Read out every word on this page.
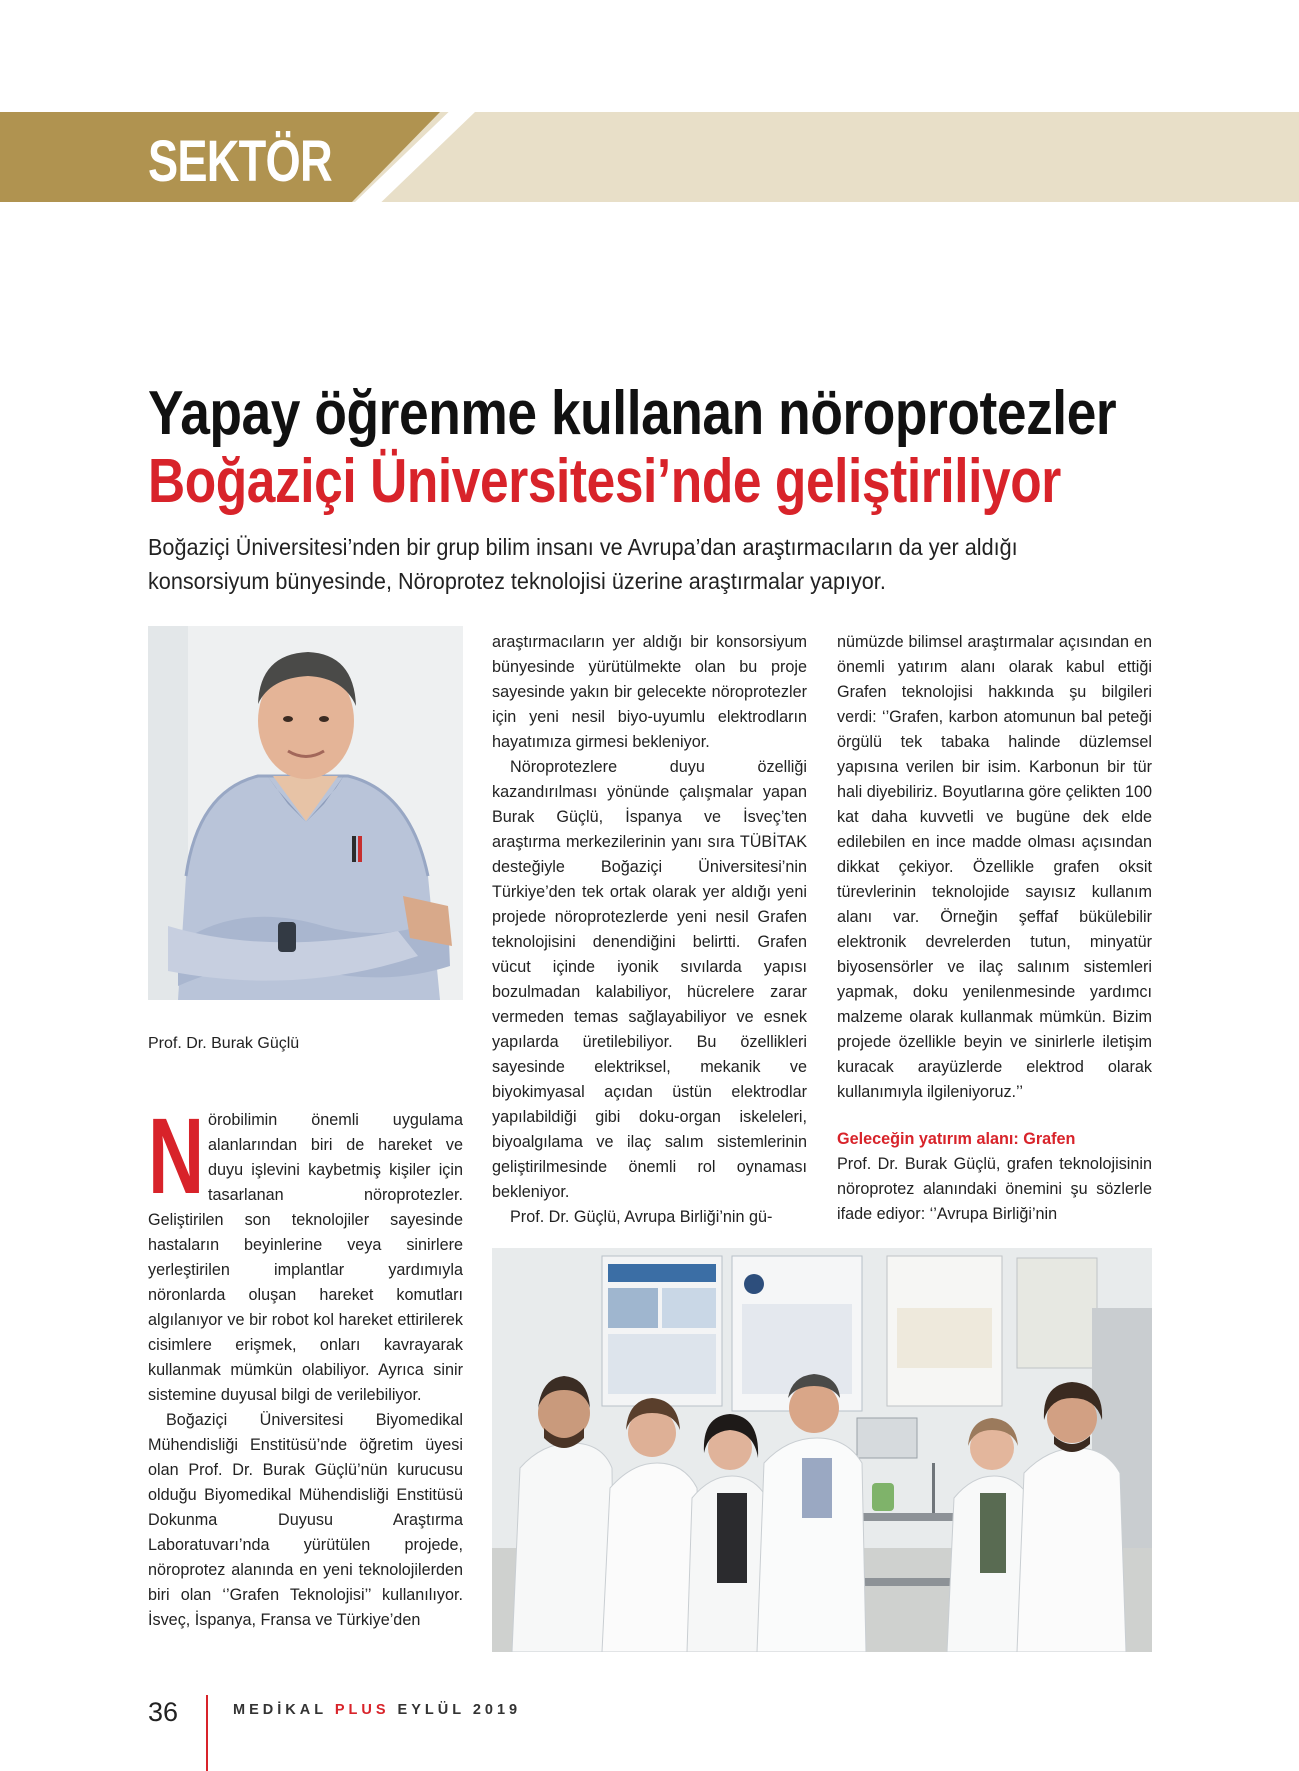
SEKTÖR
Yapay öğrenme kullanan nöroprotezler
Boğaziçi Üniversitesi’nde geliştiriliyor

Boğaziçi Üniversitesi’nden bir grup bilim insanı ve Avrupa’dan araştırmacıların da yer aldığı konsorsiyum bünyesinde, Nöroprotez teknolojisi üzerine araştırmalar yapıyor.

Prof. Dr. Burak Güçlü

Nörobilimin önemli uygulama alanlarından biri de hareket ve duyu işlevini kaybetmiş kişiler için tasarlanan nöroprotezler. Geliştirilen son teknolojiler sayesinde hastaların beyinlerine veya sinirlere yerleştirilen implantlar yardımıyla nöronlarda oluşan hareket komutları algılanıyor ve bir robot kol hareket ettirilerek cisimlere erişmek, onları kavrayarak kullanmak mümkün olabiliyor. Ayrıca sinir sistemine duyusal bilgi de verilebiliyor.

Boğaziçi Üniversitesi Biyomedikal Mühendisliği Enstitüsü’nde öğretim üyesi olan Prof. Dr. Burak Güçlü’nün kurucusu olduğu Biyomedikal Mühendisliği Enstitüsü Dokunma Duyusu Araştırma Laboratuvarı’nda yürütülen projede, nöroprotez alanında en yeni teknolojilerden biri olan ‘’Grafen Teknolojisi’’ kullanılıyor. İsveç, İspanya, Fransa ve Türkiye’den

araştırmacıların yer aldığı bir konsorsiyum bünyesinde yürütülmekte olan bu proje sayesinde yakın bir gelecekte nöroprotezler için yeni nesil biyo-uyumlu elektrodların hayatımıza girmesi bekleniyor.

Nöroprotezlere duyu özelliği kazandırılması yönünde çalışmalar yapan Burak Güçlü, İspanya ve İsveç’ten araştırma merkezilerinin yanı sıra TÜBİTAK desteğiyle Boğaziçi Üniversitesi’nin Türkiye’den tek ortak olarak yer aldığı yeni projede nöroprotezlerde yeni nesil Grafen teknolojisini denendiğini belirtti. Grafen vücut içinde iyonik sıvılarda yapısı bozulmadan kalabiliyor, hücrelere zarar vermeden temas sağlayabiliyor ve esnek yapılarda üretilebiliyor. Bu özellikleri sayesinde elektriksel, mekanik ve biyokimyasal açıdan üstün elektrodlar yapılabildiği gibi doku-organ iskeleleri, biyoalgılama ve ilaç salım sistemlerinin geliştirilmesinde önemli rol oynaması bekleniyor.

Prof. Dr. Güçlü, Avrupa Birliği’nin gü-

nümüzde bilimsel araştırmalar açısından en önemli yatırım alanı olarak kabul ettiği Grafen teknolojisi hakkında şu bilgileri verdi: ‘’Grafen, karbon atomunun bal peteği örgülü tek tabaka halinde düzlemsel yapısına verilen bir isim. Karbonun bir tür hali diyebiliriz. Boyutlarına göre çelikten 100 kat daha kuvvetli ve bugüne dek elde edilebilen en ince madde olması açısından dikkat çekiyor. Özellikle grafen oksit türevlerinin teknolojide sayısız kullanım alanı var. Örneğin şeffaf bükülebilir elektronik devrelerden tutun, minyatür biyosensörler ve ilaç salınım sistemleri yapmak, doku yenilenmesinde yardımcı malzeme olarak kullanmak mümkün. Bizim projede özellikle beyin ve sinirlerle iletişim kuracak arayüzlerde elektrod olarak kullanımıyla ilgileniyoruz.’’

Geleceğin yatırım alanı: Grafen

Prof. Dr. Burak Güçlü, grafen teknolojisinin nöroprotez alanındaki önemini şu sözlerle ifade ediyor: ‘’Avrupa Birliği’nin

36	MEDİKAL PLUS EYLÜL 2019
